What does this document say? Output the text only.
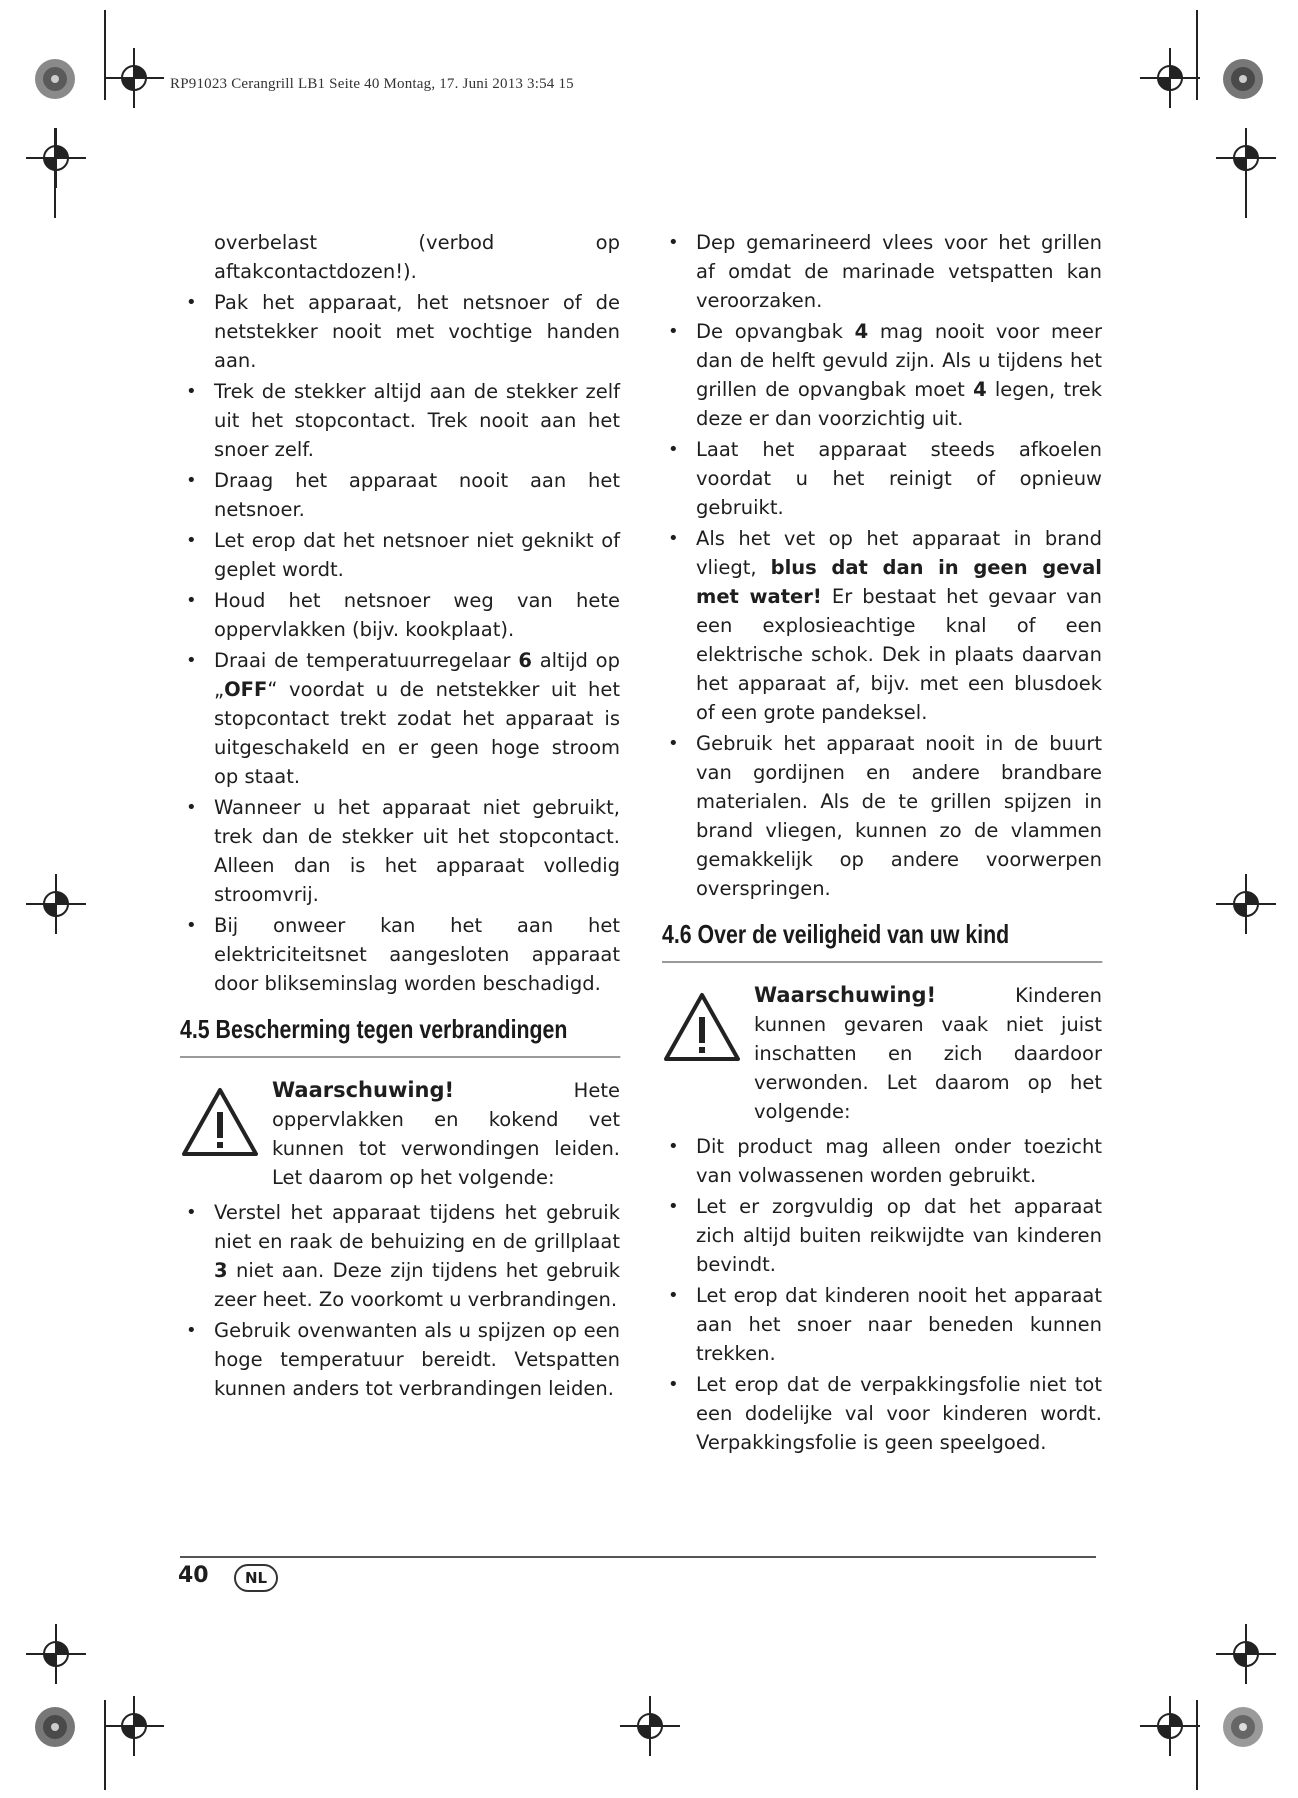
RP91023 Cerangrill LB1 Seite 40 Montag, 17. Juni 2013 3:54 15
overbelast (verbod op aftakcontactdozen!).
• Pak het apparaat, het netsnoer of de netstekker nooit met vochtige handen aan.
• Trek de stekker altijd aan de stekker zelf uit het stopcontact. Trek nooit aan het snoer zelf.
• Draag het apparaat nooit aan het netsnoer.
• Let erop dat het netsnoer niet geknikt of geplet wordt.
• Houd het netsnoer weg van hete oppervlakken (bijv. kookplaat).
• Draai de temperatuurregelaar 6 altijd op „OFF“ voordat u de netstekker uit het stopcontact trekt zodat het apparaat is uitgeschakeld en er geen hoge stroom op staat.
• Wanneer u het apparaat niet gebruikt, trek dan de stekker uit het stopcontact. Alleen dan is het apparaat volledig stroomvrij.
• Bij onweer kan het aan het elektriciteitsnet aangesloten apparaat door blikseminslag worden beschadigd.
4.5 Bescherming tegen verbrandingen
Waarschuwing! Hete oppervlakken en kokend vet kunnen tot verwondingen leiden. Let daarom op het volgende:
• Verstel het apparaat tijdens het gebruik niet en raak de behuizing en de grillplaat 3 niet aan. Deze zijn tijdens het gebruik zeer heet. Zo voorkomt u verbrandingen.
• Gebruik ovenwanten als u spijzen op een hoge temperatuur bereidt. Vetspatten kunnen anders tot verbrandingen leiden.
• Dep gemarineerd vlees voor het grillen af omdat de marinade vetspatten kan veroorzaken.
• De opvangbak 4 mag nooit voor meer dan de helft gevuld zijn. Als u tijdens het grillen de opvangbak moet 4 legen, trek deze er dan voorzichtig uit.
• Laat het apparaat steeds afkoelen voordat u het reinigt of opnieuw gebruikt.
• Als het vet op het apparaat in brand vliegt, blus dat dan in geen geval met water! Er bestaat het gevaar van een explosieachtige knal of een elektrische schok. Dek in plaats daarvan het apparaat af, bijv. met een blusdoek of een grote pandeksel.
• Gebruik het apparaat nooit in de buurt van gordijnen en andere brandbare materialen. Als de te grillen spijzen in brand vliegen, kunnen zo de vlammen gemakkelijk op andere voorwerpen overspringen.
4.6 Over de veiligheid van uw kind
Waarschuwing! Kinderen kunnen gevaren vaak niet juist inschatten en zich daardoor verwonden. Let daarom op het volgende:
• Dit product mag alleen onder toezicht van volwassenen worden gebruikt.
• Let er zorgvuldig op dat het apparaat zich altijd buiten reikwijdte van kinderen bevindt.
• Let erop dat kinderen nooit het apparaat aan het snoer naar beneden kunnen trekken.
• Let erop dat de verpakkingsfolie niet tot een dodelijke val voor kinderen wordt. Verpakkingsfolie is geen speelgoed.
40	NL
